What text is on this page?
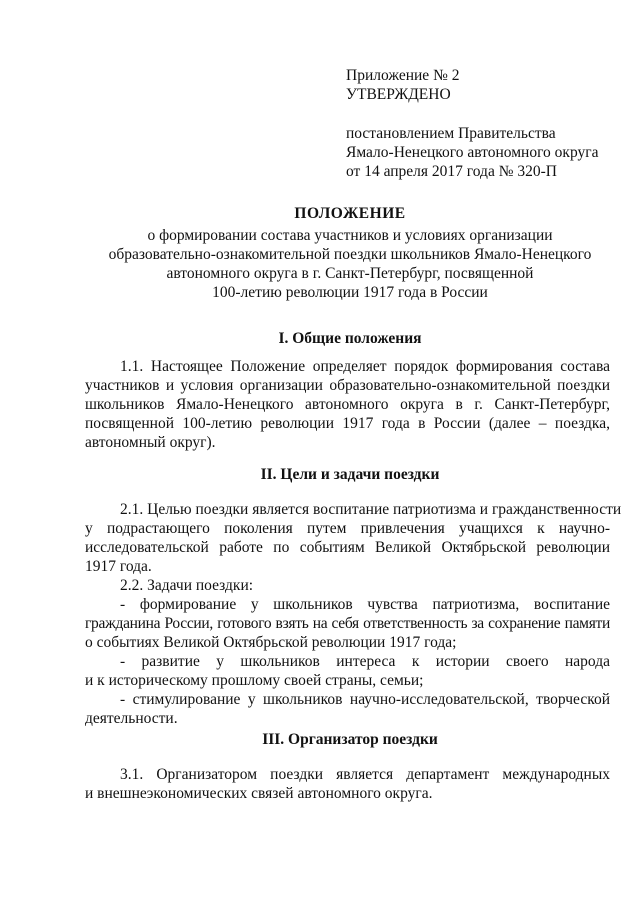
Приложение № 2
УТВЕРЖДЕНО
постановлением Правительства
Ямало-Ненецкого автономного округа
от 14 апреля 2017 года № 320-П
ПОЛОЖЕНИЕ
о формировании состава участников и условиях организации
образовательно-ознакомительной поездки школьников Ямало-Ненецкого
автономного округа в г. Санкт-Петербург, посвященной
100-летию революции 1917 года в России
I. Общие положения
1.1. Настоящее Положение определяет порядок формирования состава
участников и условия организации образовательно-ознакомительной поездки
школьников Ямало-Ненецкого автономного округа в г. Санкт-Петербург,
посвященной 100-летию революции 1917 года в России (далее – поездка,
автономный округ).
II. Цели и задачи поездки
2.1. Целью поездки является воспитание патриотизма и гражданственности
у подрастающего поколения путем привлечения учащихся к научно-
исследовательской работе по событиям Великой Октябрьской революции
1917 года.
2.2. Задачи поездки:
- формирование у школьников чувства патриотизма, воспитание
гражданина России, готового взять на себя ответственность за сохранение памяти
о событиях Великой Октябрьской революции 1917 года;
- развитие у школьников интереса к истории своего народа
и к историческому прошлому своей страны, семьи;
- стимулирование у школьников научно-исследовательской, творческой
деятельности.
III. Организатор поездки
3.1. Организатором поездки является департамент международных
и внешнеэкономических связей автономного округа.
